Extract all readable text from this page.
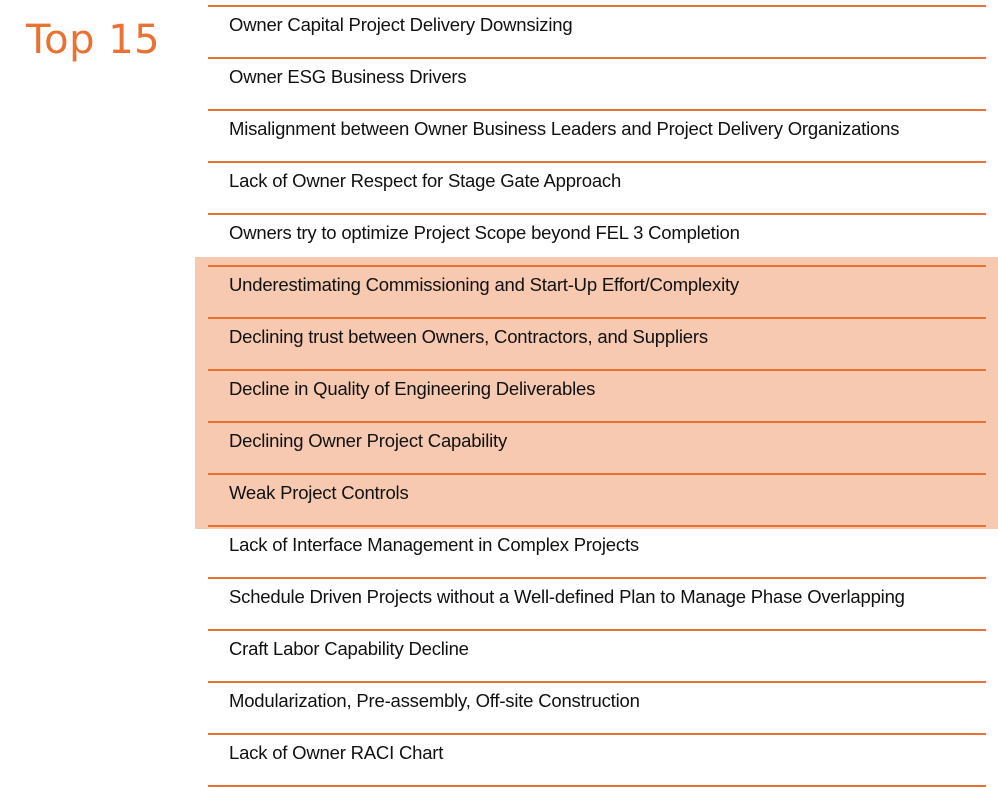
Top 15	Owner Capital Project Delivery Downsizing
Owner ESG Business Drivers
Misalignment between Owner Business Leaders and Project Delivery Organizations
Lack of Owner Respect for Stage Gate Approach
Owners try to optimize Project Scope beyond FEL 3 Completion
Underestimating Commissioning and Start-Up Effort/Complexity
Declining trust between Owners, Contractors, and Suppliers
Decline in Quality of Engineering Deliverables
Declining Owner Project Capability
Weak Project Controls
Lack of Interface Management in Complex Projects
Schedule Driven Projects without a Well-defined Plan to Manage Phase Overlapping
Craft Labor Capability Decline
Modularization, Pre-assembly, Off-site Construction
Lack of Owner RACI Chart
